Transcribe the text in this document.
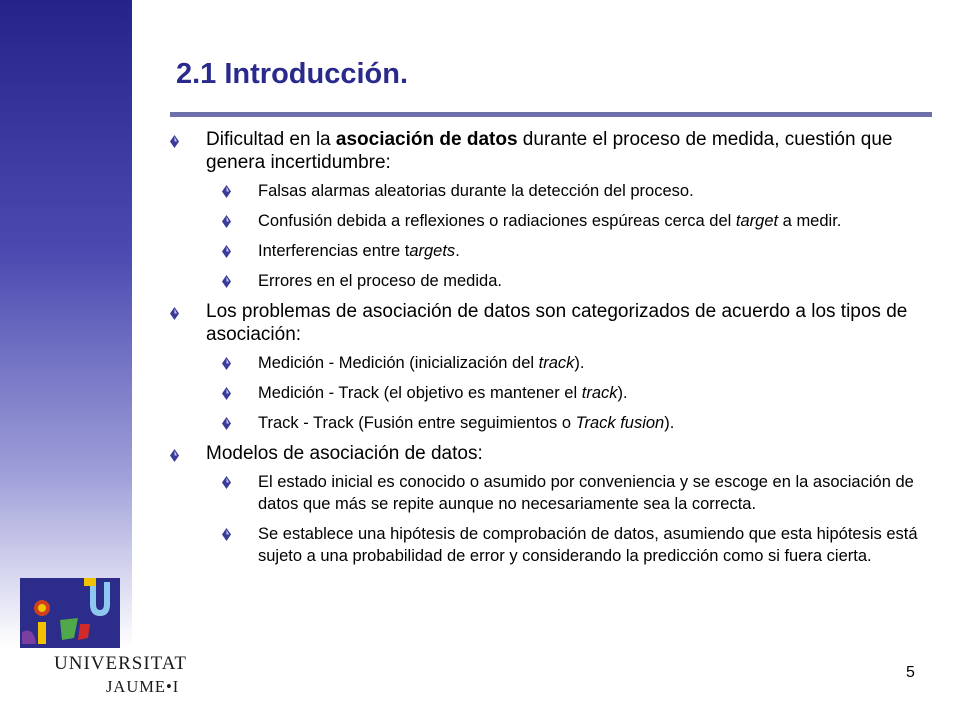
UNIVERSITAT
JAUME•I
2.1 Introducción.
Dificultad en la asociación de datos durante el proceso de medida, cuestión que genera incertidumbre:
Falsas alarmas aleatorias durante la detección del proceso.
Confusión debida a reflexiones o radiaciones espúreas cerca del target a medir.
Interferencias entre targets.
Errores en el proceso de medida.
Los problemas de asociación de datos son categorizados de acuerdo a los tipos de asociación:
Medición - Medición (inicialización del track).
Medición - Track (el objetivo es mantener el track).
Track - Track (Fusión entre seguimientos o Track fusion).
Modelos de asociación de datos:
El estado inicial es conocido o asumido por conveniencia y se escoge en la asociación de datos que más se repite aunque no necesariamente sea la correcta.
Se establece una hipótesis de comprobación de datos, asumiendo que esta hipótesis está sujeto a una probabilidad de error y considerando la predicción como si fuera cierta.
5
